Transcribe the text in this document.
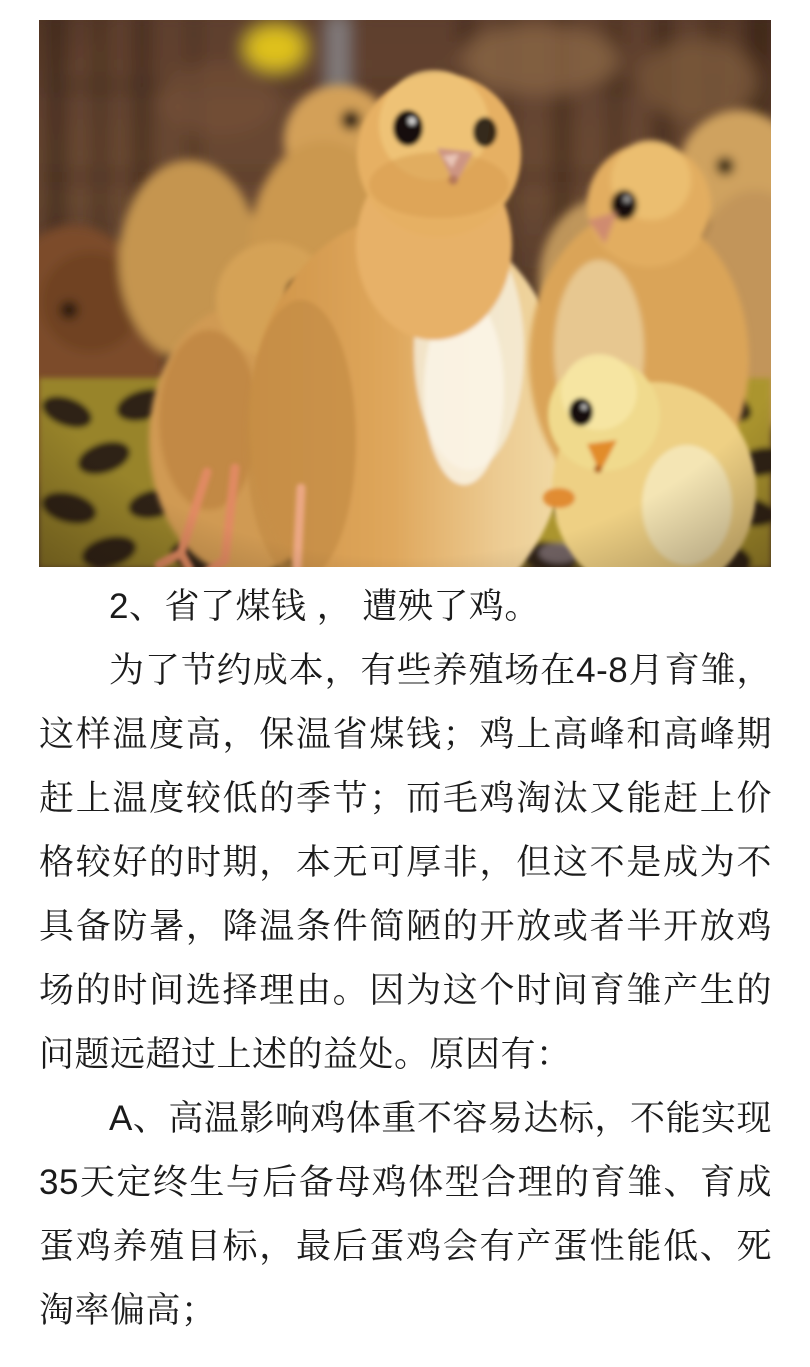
2、省了煤钱 ， 遭殃了鸡。

为了节约成本，有些养殖场在4-8月育雏，这样温度高，保温省煤钱；鸡上高峰和高峰期赶上温度较低的季节；而毛鸡淘汰又能赶上价格较好的时期，本无可厚非，但这不是成为不具备防暑，降温条件简陋的开放或者半开放鸡场的时间选择理由。因为这个时间育雏产生的问题远超过上述的益处。原因有：

A、高温影响鸡体重不容易达标，不能实现35天定终生与后备母鸡体型合理的育雏、育成蛋鸡养殖目标，最后蛋鸡会有产蛋性能低、死淘率偏高；
